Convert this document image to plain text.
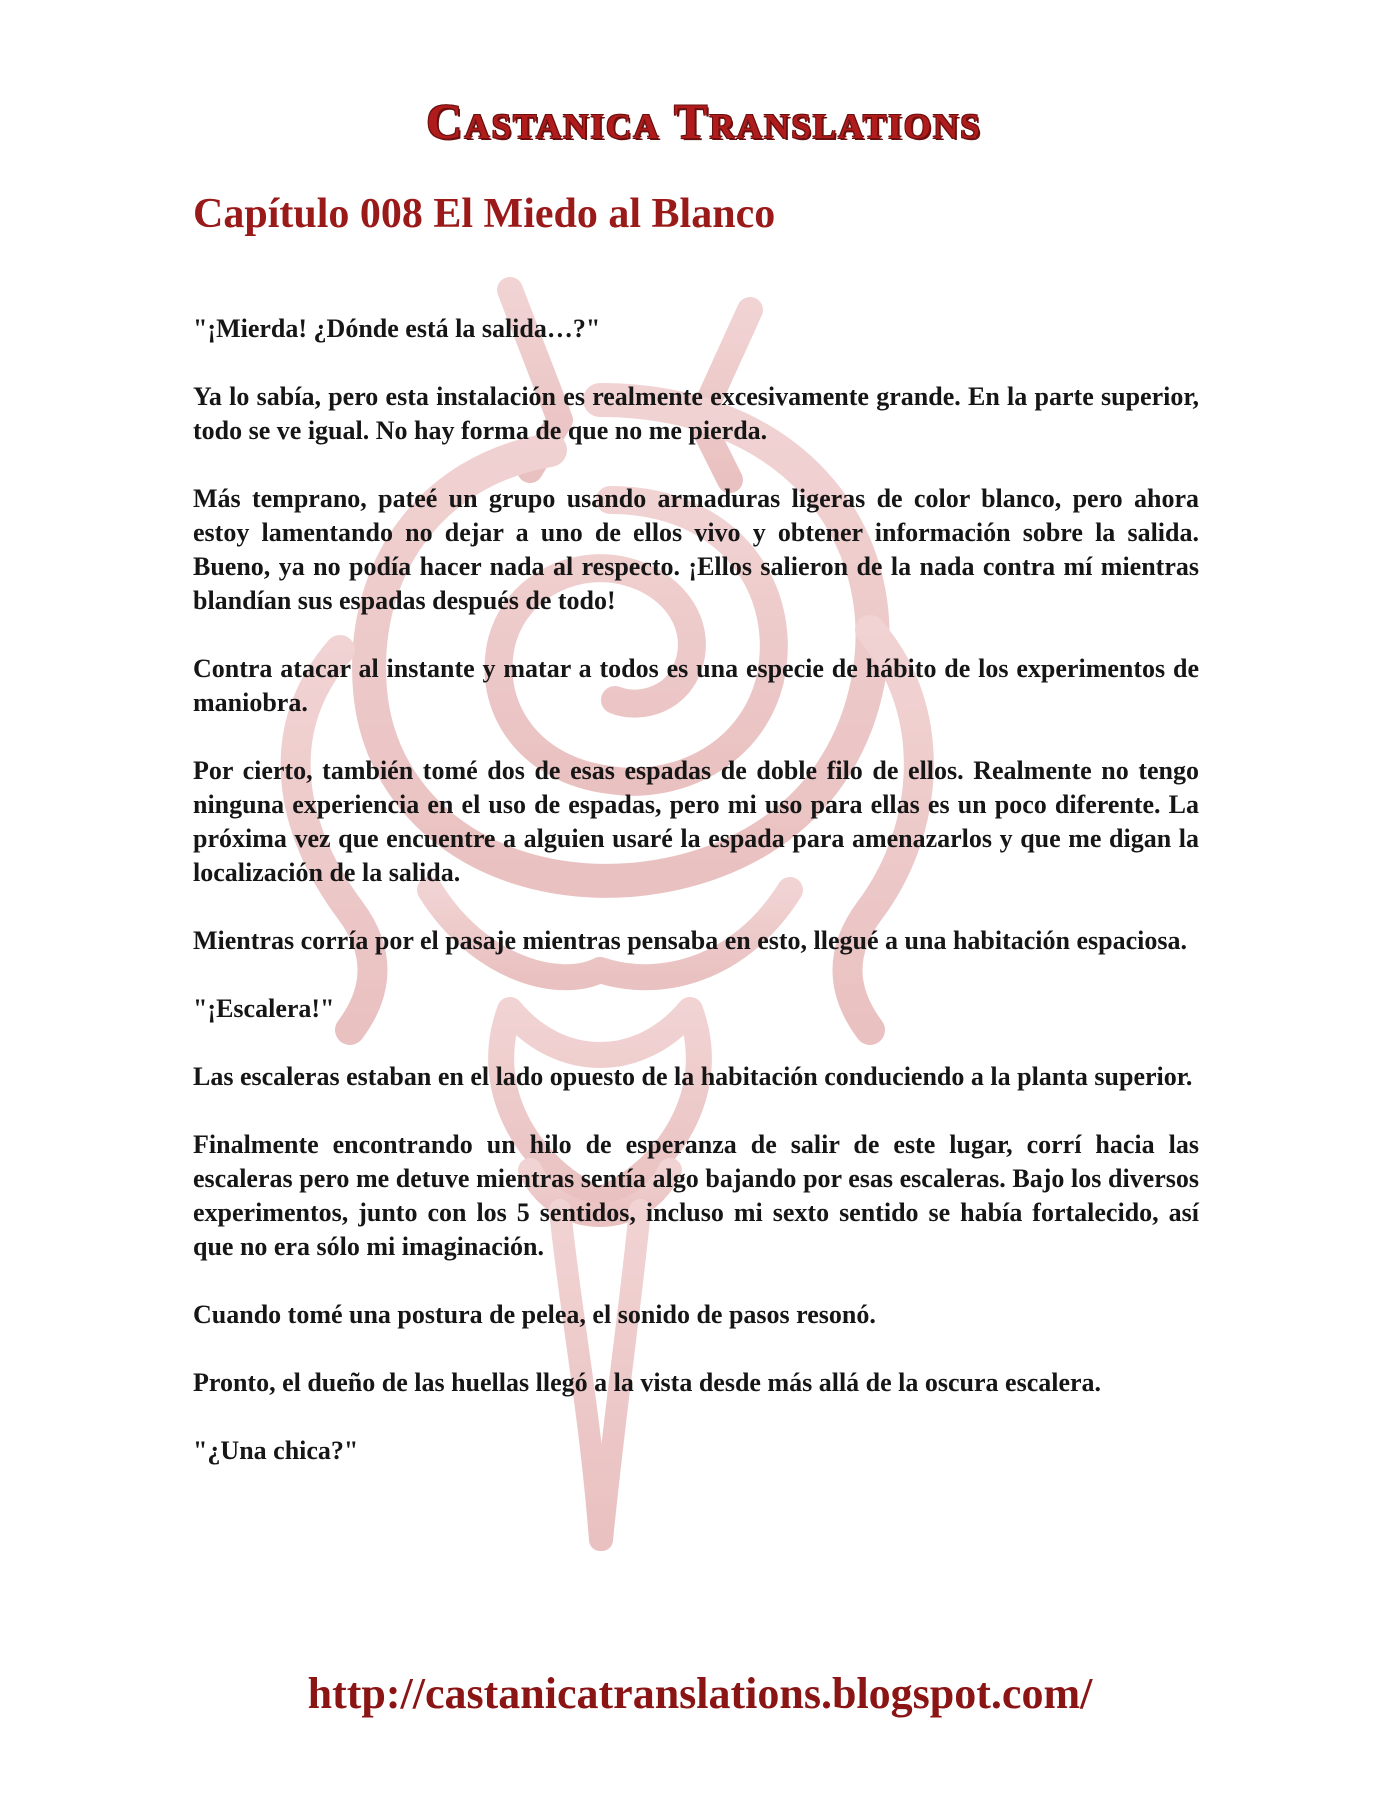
Castanica Translations
Capítulo 008 El Miedo al Blanco

"¡Mierda! ¿Dónde está la salida…?"

Ya lo sabía, pero esta instalación es realmente excesivamente grande. En la parte superior, todo se ve igual. No hay forma de que no me pierda.

Más temprano, pateé un grupo usando armaduras ligeras de color blanco, pero ahora estoy lamentando no dejar a uno de ellos vivo y obtener información sobre la salida. Bueno, ya no podía hacer nada al respecto. ¡Ellos salieron de la nada contra mí mientras blandían sus espadas después de todo!

Contra atacar al instante y matar a todos es una especie de hábito de los experimentos de maniobra.

Por cierto, también tomé dos de esas espadas de doble filo de ellos. Realmente no tengo ninguna experiencia en el uso de espadas, pero mi uso para ellas es un poco diferente. La próxima vez que encuentre a alguien usaré la espada para amenazarlos y que me digan la localización de la salida.

Mientras corría por el pasaje mientras pensaba en esto, llegué a una habitación espaciosa.

"¡Escalera!"

Las escaleras estaban en el lado opuesto de la habitación conduciendo a la planta superior.

Finalmente encontrando un hilo de esperanza de salir de este lugar, corrí hacia las escaleras pero me detuve mientras sentía algo bajando por esas escaleras. Bajo los diversos experimentos, junto con los 5 sentidos, incluso mi sexto sentido se había fortalecido, así que no era sólo mi imaginación.

Cuando tomé una postura de pelea, el sonido de pasos resonó.

Pronto, el dueño de las huellas llegó a la vista desde más allá de la oscura escalera.

"¿Una chica?"

http://castanicatranslations.blogspot.com/
